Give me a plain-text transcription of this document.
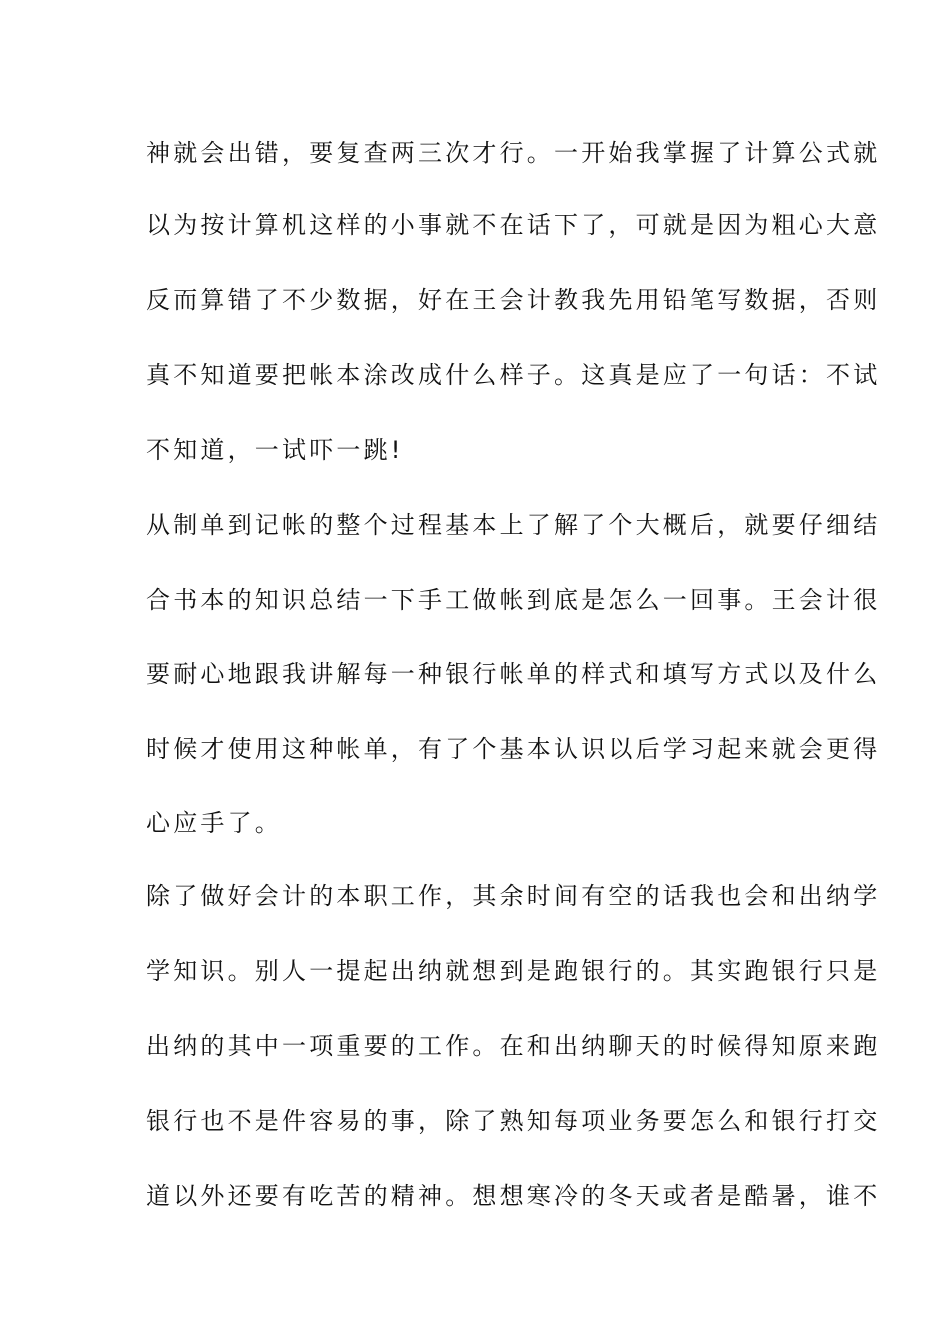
神就会出错，要复查两三次才行。一开始我掌握了计算公式就
以为按计算机这样的小事就不在话下了，可就是因为粗心大意
反而算错了不少数据，好在王会计教我先用铅笔写数据，否则
真不知道要把帐本涂改成什么样子。这真是应了一句话：不试
不知道，一试吓一跳!
从制单到记帐的整个过程基本上了解了个大概后，就要仔细结
合书本的知识总结一下手工做帐到底是怎么一回事。王会计很
要耐心地跟我讲解每一种银行帐单的样式和填写方式以及什么
时候才使用这种帐单，有了个基本认识以后学习起来就会更得
心应手了。
除了做好会计的本职工作，其余时间有空的话我也会和出纳学
学知识。别人一提起出纳就想到是跑银行的。其实跑银行只是
出纳的其中一项重要的工作。在和出纳聊天的时候得知原来跑
银行也不是件容易的事，除了熟知每项业务要怎么和银行打交
道以外还要有吃苦的精神。想想寒冷的冬天或者是酷暑，谁不
